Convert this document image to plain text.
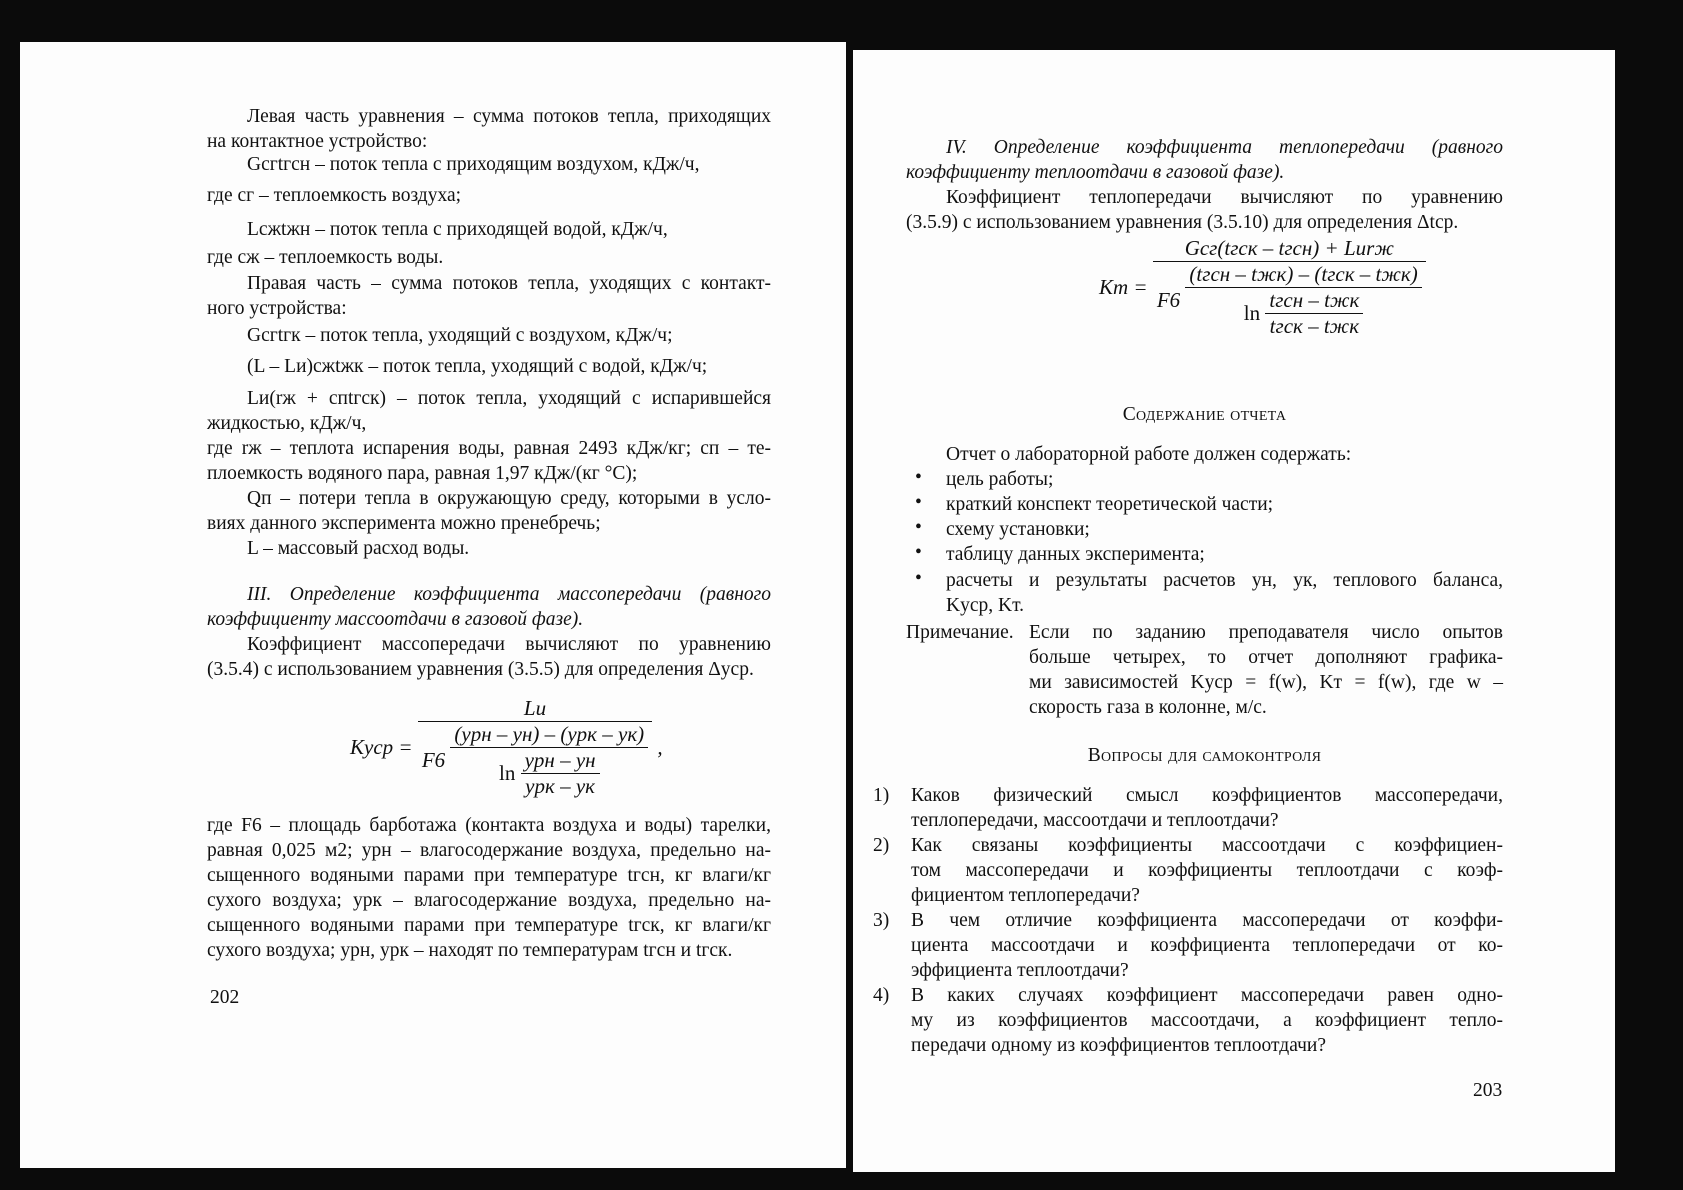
Левая часть уравнения – сумма потоков тепла, приходящих
на контактное устройство:
Gcгtгсн – поток тепла с приходящим воздухом, кДж/ч,
где cг – теплоемкость воздуха;
Lcжtжн – поток тепла с приходящей водой, кДж/ч,
где cж – теплоемкость воды.
Правая часть – сумма потоков тепла, уходящих с контакт-
ного устройства:
Gcгtгк – поток тепла, уходящий с воздухом, кДж/ч;
(L – Lи)cжtжк – поток тепла, уходящий с водой, кДж/ч;
Lи(rж + cпtгск) – поток тепла, уходящий с испарившейся
жидкостью, кДж/ч,
где rж – теплота испарения воды, равная 2493 кДж/кг; cп – те-
плоемкость водяного пара, равная 1,97 кДж/(кг °С);
Qп – потери тепла в окружающую среду, которыми в усло-
виях данного эксперимента можно пренебречь;
L – массовый расход воды.
III. Определение коэффициента массопередачи (равного
коэффициенту массоотдачи в газовой фазе).
Коэффициент массопередачи вычисляют по уравнению
(3.5.4) с использованием уравнения (3.5.5) для определения Δyср.
Kyср =
Lи
F6
(yрн – yн) – (yрк – yк)
$\ln \frac{\text{yрн – yн}}{\text{yрк – yк}}$
,
где F6 – площадь барботажа (контакта воздуха и воды) тарелки,
равная 0,025 м2; yрн – влагосодержание воздуха, предельно на-
сыщенного водяными парами при температуре tгсн, кг влаги/кг
сухого воздуха; yрк – влагосодержание воздуха, предельно на-
сыщенного водяными парами при температуре tгск, кг влаги/кг
сухого воздуха; yрн, yрк – находят по температурам tгсн и tгск.
202
IV. Определение коэффициента теплопередачи (равного
коэффициенту теплоотдачи в газовой фазе).
Коэффициент теплопередачи вычисляют по уравнению
(3.5.9) с использованием уравнения (3.5.10) для определения Δtср.
Kт =
Gcг(tгск – tгсн) + Lиrж
F6
(tгсн – tжк) – (tгск – tжк)
$\ln \frac{\text{tгсн – tжк}}{\text{tгск – tжк}}$
Содержание отчета
Отчет о лабораторной работе должен содержать:
• цель работы;
• краткий конспект теоретической части;
• схему установки;
• таблицу данных эксперимента;
• расчеты и результаты расчетов yн, yк, теплового баланса,
Kyср, Kт.
Примечание. Если по заданию преподавателя число опытов
больше четырех, то отчет дополняют графика-
ми зависимостей Kyср = f(w), Kт = f(w), где w –
скорость газа в колонне, м/с.
Вопросы для самоконтроля
1) Каков физический смысл коэффициентов массопередачи,
теплопередачи, массоотдачи и теплоотдачи?
2) Как связаны коэффициенты массоотдачи с коэффициен-
том массопередачи и коэффициенты теплоотдачи с коэф-
фициентом теплопередачи?
3) В чем отличие коэффициента массопередачи от коэффи-
циента массоотдачи и коэффициента теплопередачи от ко-
эффициента теплоотдачи?
4) В каких случаях коэффициент массопередачи равен одно-
му из коэффициентов массоотдачи, а коэффициент тепло-
передачи одному из коэффициентов теплоотдачи?
203
